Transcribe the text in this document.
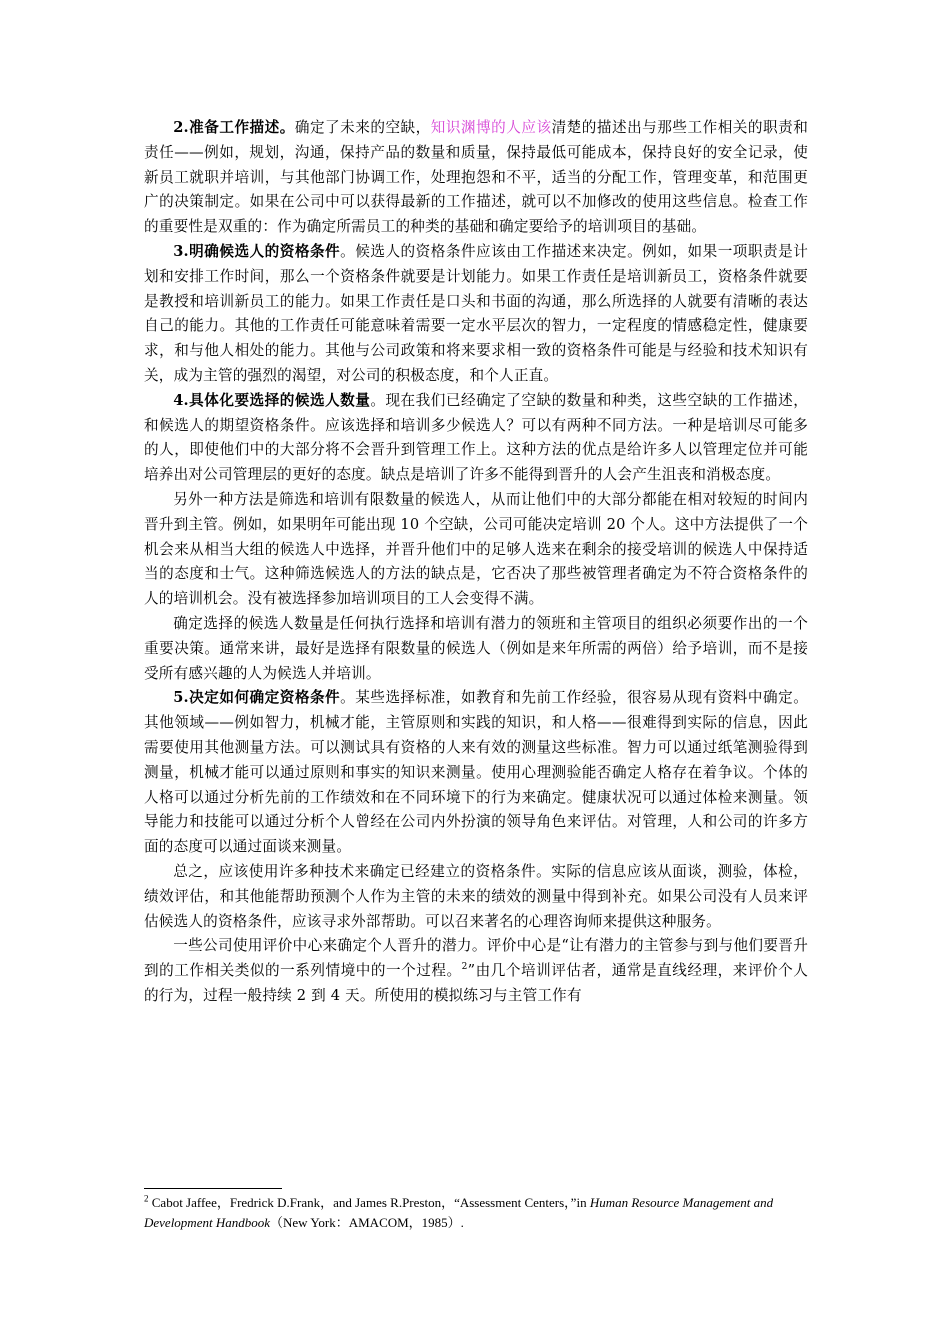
2.准备工作描述。确定了未来的空缺，知识渊博的人应该清楚的描述出与那些工作相关的职责和责任——例如，规划，沟通，保持产品的数量和质量，保持最低可能成本，保持良好的安全记录，使新员工就职并培训，与其他部门协调工作，处理抱怨和不平，适当的分配工作，管理变革，和范围更广的决策制定。如果在公司中可以获得最新的工作描述，就可以不加修改的使用这些信息。检查工作的重要性是双重的：作为确定所需员工的种类的基础和确定要给予的培训项目的基础。

3.明确候选人的资格条件。候选人的资格条件应该由工作描述来决定。例如，如果一项职责是计划和安排工作时间，那么一个资格条件就要是计划能力。如果工作责任是培训新员工，资格条件就要是教授和培训新员工的能力。如果工作责任是口头和书面的沟通，那么所选择的人就要有清晰的表达自己的能力。其他的工作责任可能意味着需要一定水平层次的智力，一定程度的情感稳定性，健康要求，和与他人相处的能力。其他与公司政策和将来要求相一致的资格条件可能是与经验和技术知识有关，成为主管的强烈的渴望，对公司的积极态度，和个人正直。

4.具体化要选择的候选人数量。现在我们已经确定了空缺的数量和种类，这些空缺的工作描述，和候选人的期望资格条件。应该选择和培训多少候选人？可以有两种不同方法。一种是培训尽可能多的人，即使他们中的大部分将不会晋升到管理工作上。这种方法的优点是给许多人以管理定位并可能培养出对公司管理层的更好的态度。缺点是培训了许多不能得到晋升的人会产生沮丧和消极态度。

另外一种方法是筛选和培训有限数量的候选人，从而让他们中的大部分都能在相对较短的时间内晋升到主管。例如，如果明年可能出现 10 个空缺，公司可能决定培训 20 个人。这中方法提供了一个机会来从相当大组的候选人中选择，并晋升他们中的足够人选来在剩余的接受培训的候选人中保持适当的态度和士气。这种筛选候选人的方法的缺点是，它否决了那些被管理者确定为不符合资格条件的人的培训机会。没有被选择参加培训项目的工人会变得不满。

确定选择的候选人数量是任何执行选择和培训有潜力的领班和主管项目的组织必须要作出的一个重要决策。通常来讲，最好是选择有限数量的候选人（例如是来年所需的两倍）给予培训，而不是接受所有感兴趣的人为候选人并培训。

5.决定如何确定资格条件。某些选择标准，如教育和先前工作经验，很容易从现有资料中确定。其他领域——例如智力，机械才能，主管原则和实践的知识，和人格——很难得到实际的信息，因此需要使用其他测量方法。可以测试具有资格的人来有效的测量这些标准。智力可以通过纸笔测验得到测量，机械才能可以通过原则和事实的知识来测量。使用心理测验能否确定人格存在着争议。个体的人格可以通过分析先前的工作绩效和在不同环境下的行为来确定。健康状况可以通过体检来测量。领导能力和技能可以通过分析个人曾经在公司内外扮演的领导角色来评估。对管理，人和公司的许多方面的态度可以通过面谈来测量。

总之，应该使用许多种技术来确定已经建立的资格条件。实际的信息应该从面谈，测验，体检，绩效评估，和其他能帮助预测个人作为主管的未来的绩效的测量中得到补充。如果公司没有人员来评估候选人的资格条件，应该寻求外部帮助。可以召来著名的心理咨询师来提供这种服务。

一些公司使用评价中心来确定个人晋升的潜力。评价中心是“让有潜力的主管参与到与他们要晋升到的工作相关类似的一系列情境中的一个过程。$^2$”由几个培训评估者，通常是直线经理，来评价个人的行为，过程一般持续 2 到 4 天。所使用的模拟练习与主管工作有

$^2$ Cabot Jaffee，Fredrick D.Frank，and James R.Preston，“Assessment Centers，”in Human Resource Management and Development Handbook（New York：AMACOM，1985）.
